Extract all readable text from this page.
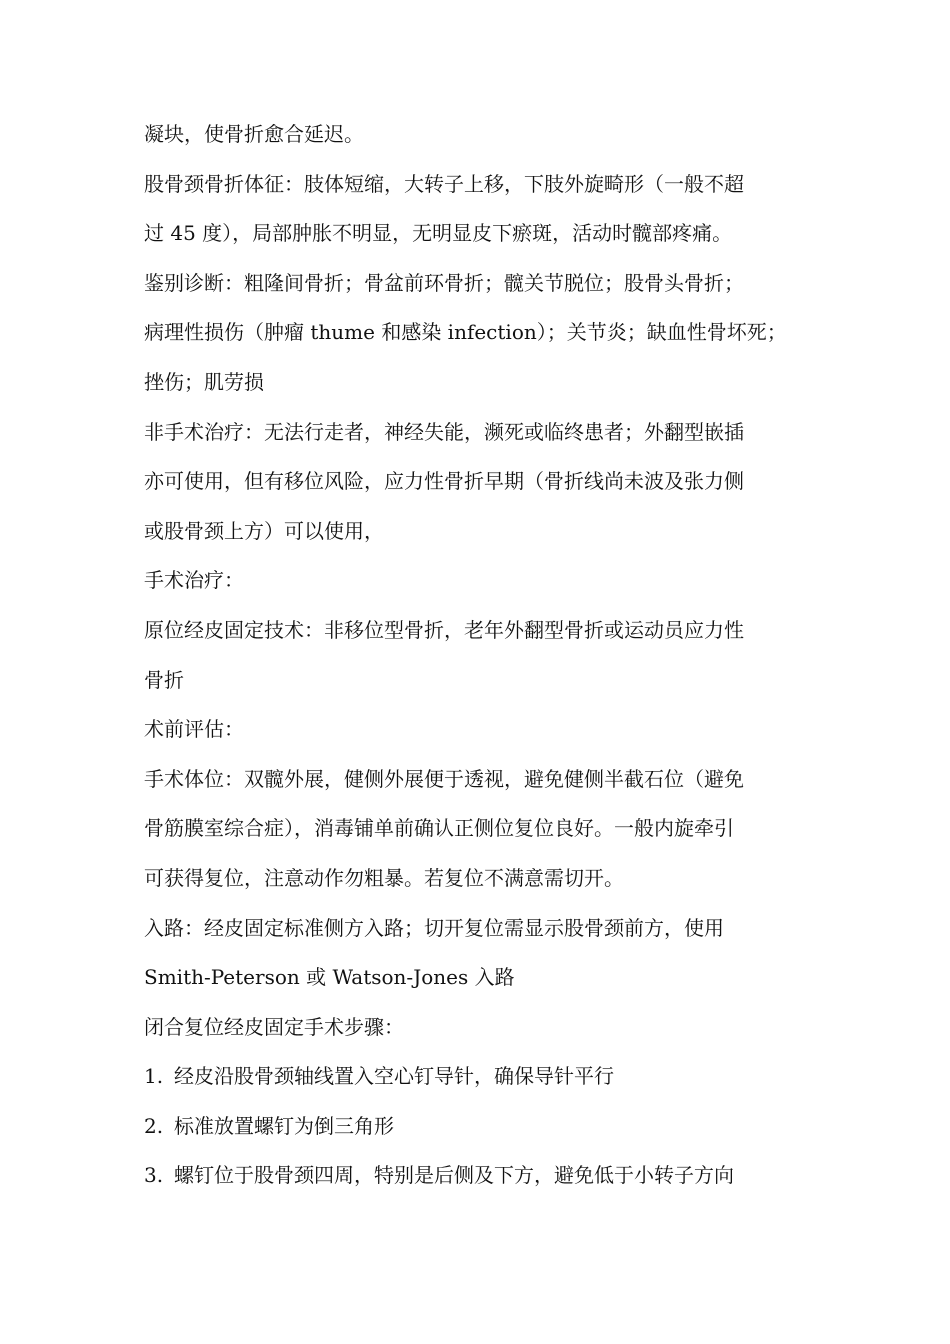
凝块，使骨折愈合延迟。

股骨颈骨折体征：肢体短缩，大转子上移，下肢外旋畸形（一般不超

过 45 度），局部肿胀不明显，无明显皮下瘀斑，活动时髋部疼痛。

鉴别诊断：粗隆间骨折；骨盆前环骨折；髋关节脱位；股骨头骨折；

病理性损伤（肿瘤 thume 和感染 infection）；关节炎；缺血性骨坏死；

挫伤；肌劳损

非手术治疗：无法行走者，神经失能，濒死或临终患者；外翻型嵌插

亦可使用，但有移位风险，应力性骨折早期（骨折线尚未波及张力侧

或股骨颈上方）可以使用，

手术治疗：

原位经皮固定技术：非移位型骨折，老年外翻型骨折或运动员应力性

骨折

术前评估：

手术体位：双髋外展，健侧外展便于透视，避免健侧半截石位（避免

骨筋膜室综合症），消毒铺单前确认正侧位复位良好。一般内旋牵引

可获得复位，注意动作勿粗暴。若复位不满意需切开。

入路：经皮固定标准侧方入路；切开复位需显示股骨颈前方，使用

Smith-Peterson 或 Watson-Jones 入路

闭合复位经皮固定手术步骤：

1. 经皮沿股骨颈轴线置入空心钉导针，确保导针平行

2. 标准放置螺钉为倒三角形

3. 螺钉位于股骨颈四周，特别是后侧及下方，避免低于小转子方向
